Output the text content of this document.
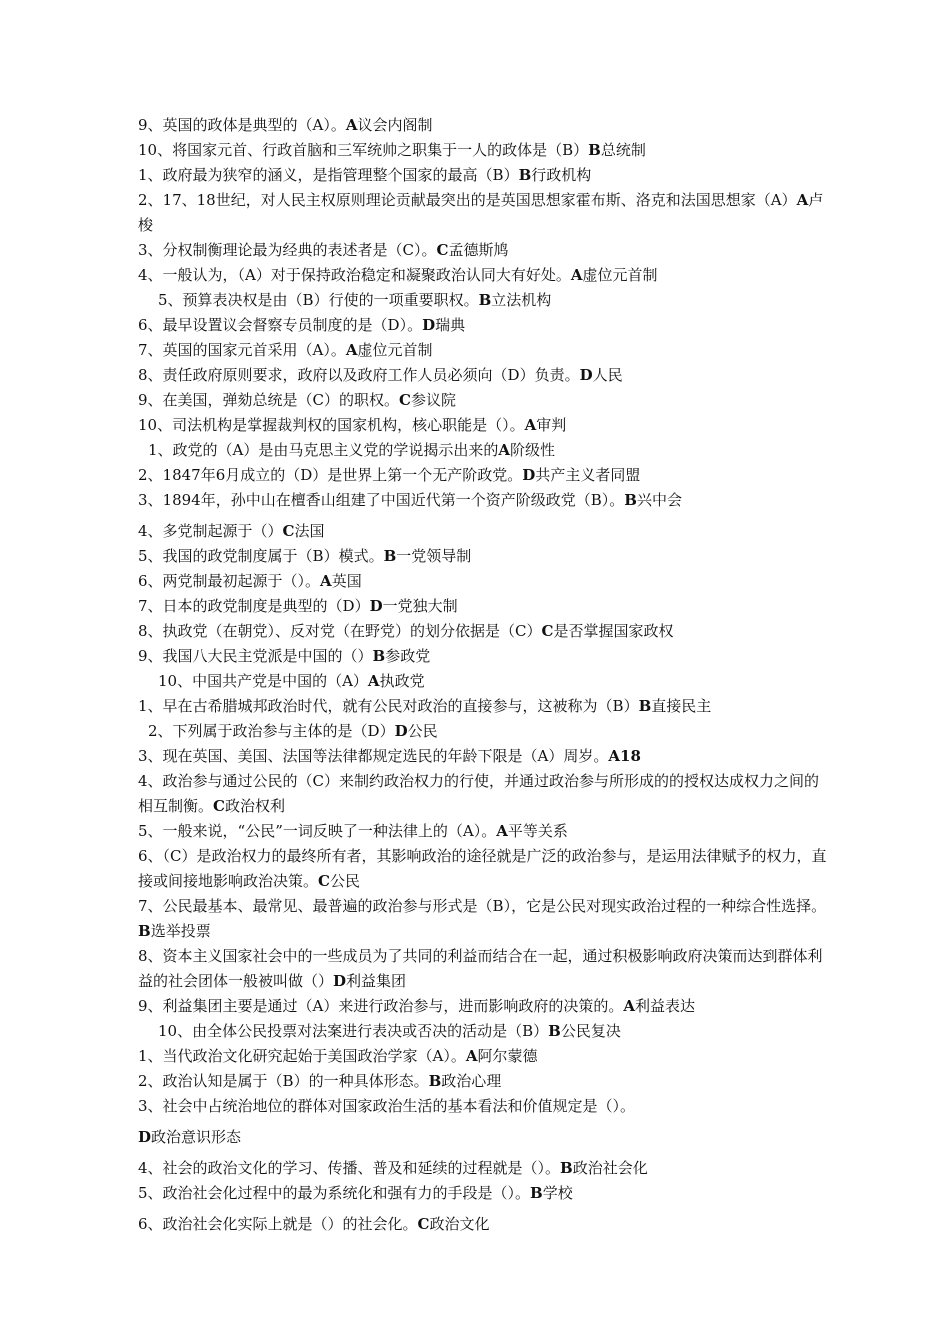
9、英国的政体是典型的（A）。 A 议会内阁制
10、将国家元首、行政首脑和三军统帅之职集于一人的政体是（B） B 总统制
1、政府最为狭窄的涵义，是指管理整个国家的最高（B） B 行政机构
2、17、18世纪，对人民主权原则理论贡献最突出的是英国思想家霍布斯、洛克和法国思想家（A）A卢梭
3、分权制衡理论最为经典的表述者是（C）。 C 孟德斯鸠
4、一般认为，（A）对于保持政治稳定和凝聚政治认同大有好处。 A 虚位元首制
5、预算表决权是由（B）行使的一项重要职权。 B 立法机构
6、最早设置议会督察专员制度的是（D）。 D 瑞典
7、英国的国家元首采用（A）。 A 虚位元首制
8、责任政府原则要求，政府以及政府工作人员必须向（D）负责。 D 人民
9、在美国，弹劾总统是（C）的职权。 C 参议院
10、司法机构是掌握裁判权的国家机构，核心职能是（）。 A 审判
1、政党的（A）是由马克思主义党的学说揭示出来的 A 阶级性
2、1847年6月成立的（D）是世界上第一个无产阶政党。 D 共产主义者同盟
3、1894年，孙中山在檀香山组建了中国近代第一个资产阶级政党（B）。 B 兴中会
4、多党制起源于（） C 法国
5、我国的政党制度属于（B）模式。 B 一党领导制
6、两党制最初起源于（）。 A 英国
7、日本的政党制度是典型的（D） D 一党独大制
8、执政党（在朝党）、反对党（在野党）的划分依据是（C） C 是否掌握国家政权
9、我国八大民主党派是中国的（） B 参政党
10、中国共产党是中国的（A） A 执政党
1、早在古希腊城邦政治时代，就有公民对政治的直接参与，这被称为（B） B 直接民主
2、下列属于政治参与主体的是（D） D 公民
3、现在英国、美国、法国等法律都规定选民的年龄下限是（A）周岁。 A18
4、政治参与通过公民的（C）来制约政治权力的行使，并通过政治参与所形成的的授权达成权力之间的相互制衡。C政治权利
5、一般来说，“公民”一词反映了一种法律上的（A）。 A 平等关系
6、（C）是政治权力的最终所有者，其影响政治的途径就是广泛的政治参与，是运用法律赋予的权力，直接或间接地影响政治决策。C公民
7、公民最基本、最常见、最普遍的政治参与形式是（B），它是公民对现实政治过程的一种综合性选择。B选举投票
8、资本主义国家社会中的一些成员为了共同的利益而结合在一起，通过积极影响政府决策而达到群体利益的社会团体一般被叫做（）D利益集团
9、利益集团主要是通过（A）来进行政治参与，进而影响政府的决策的。 A 利益表达
10、由全体公民投票对法案进行表决或否决的活动是（B） B 公民复决
1、当代政治文化研究起始于美国政治学家（A）。 A 阿尔蒙德
2、政治认知是属于（B）的一种具体形态。 B 政治心理
3、社会中占统治地位的群体对国家政治生活的基本看法和价值规定是（）。
D 政治意识形态
4、社会的政治文化的学习、传播、普及和延续的过程就是（）。 B 政治社会化
5、政治社会化过程中的最为系统化和强有力的手段是（）。 B 学校
6、政治社会化实际上就是（）的社会化。 C 政治文化
